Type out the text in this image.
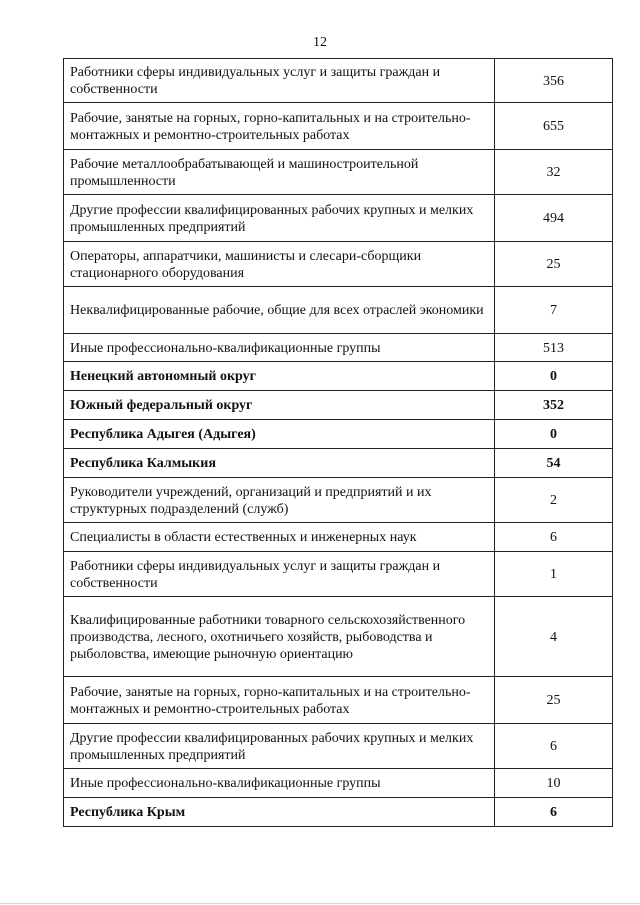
12
Работники сферы индивидуальных услуг и защиты граждан и собственности	356
Рабочие, занятые на горных, горно-капитальных и на строительно-монтажных и ремонтно-строительных работах	655
Рабочие металлообрабатывающей и машиностроительной промышленности	32
Другие профессии квалифицированных рабочих крупных и мелких промышленных предприятий	494
Операторы, аппаратчики, машинисты и слесари-сборщики стационарного оборудования	25
Неквалифицированные рабочие, общие для всех отраслей экономики	7
Иные профессионально-квалификационные группы	513
Ненецкий автономный округ	0
Южный федеральный округ	352
Республика Адыгея (Адыгея)	0
Республика Калмыкия	54
Руководители учреждений, организаций и предприятий и их структурных подразделений (служб)	2
Специалисты в области естественных и инженерных наук	6
Работники сферы индивидуальных услуг и защиты граждан и собственности	1
Квалифицированные работники товарного сельскохозяйственного производства, лесного, охотничьего хозяйств, рыбоводства и рыболовства, имеющие рыночную ориентацию	4
Рабочие, занятые на горных, горно-капитальных и на строительно-монтажных и ремонтно-строительных работах	25
Другие профессии квалифицированных рабочих крупных и мелких промышленных предприятий	6
Иные профессионально-квалификационные группы	10
Республика Крым	6
